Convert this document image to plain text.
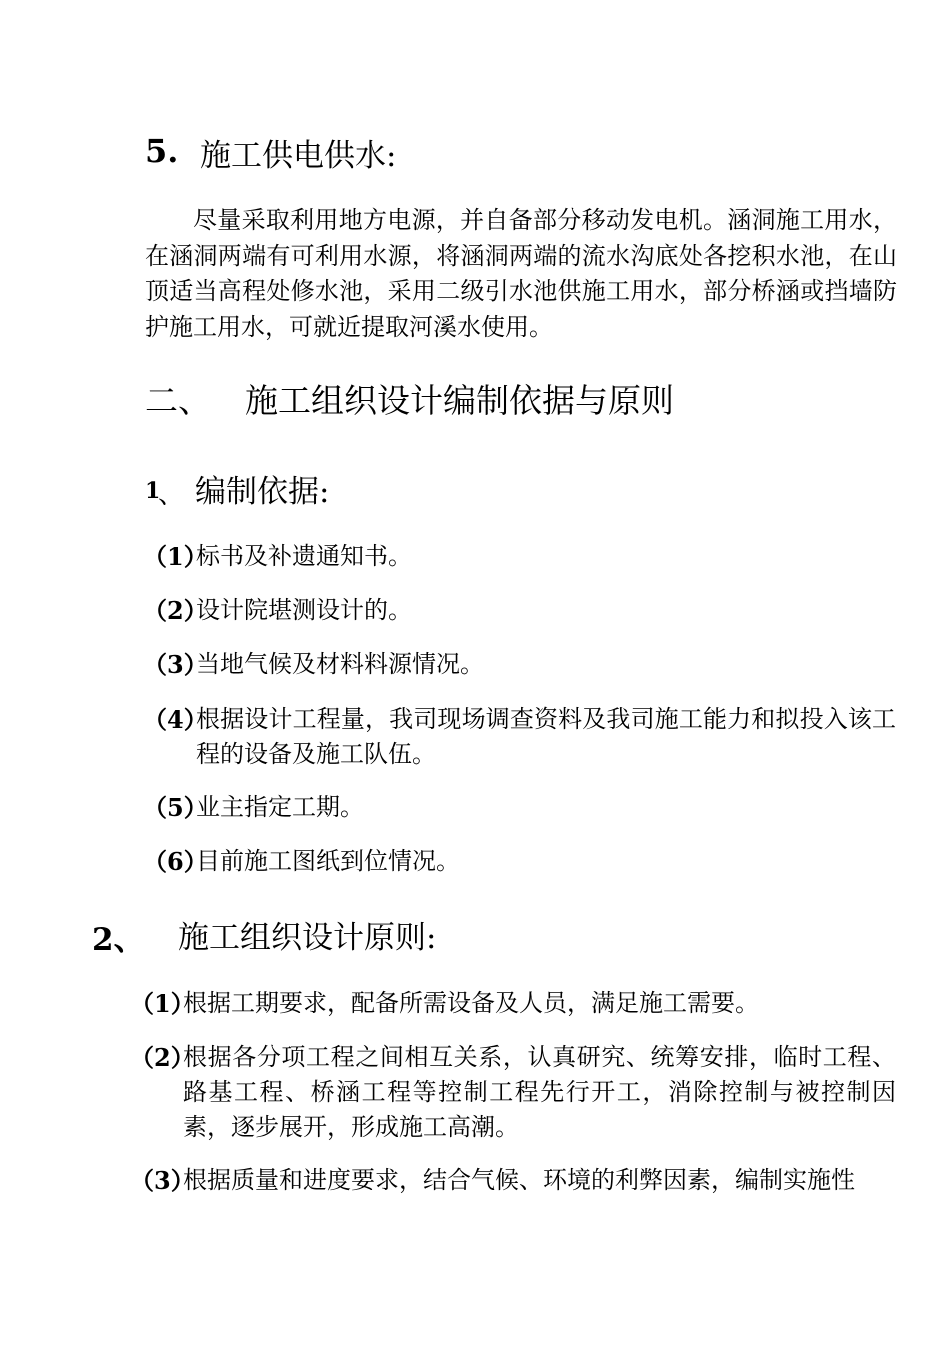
5. 施工供电供水:

尽量采取利用地方电源，并自备部分移动发电机。涵洞施工用水，在涵洞两端有可利用水源，将涵洞两端的流水沟底处各挖积水池，在山顶适当高程处修水池，采用二级引水池供施工用水，部分桥涵或挡墙防护施工用水，可就近提取河溪水使用。

二、 施工组织设计编制依据与原则
1
、 编制依据:
（1）
标书及补遗通知书。
（2）
设计院堪测设计的。
（3）
当地气候及材料料源情况。
（4）
根据设计工程量，我司现场调查资料及我司施工能力和拟投入该工程的设备及施工队伍。
（5）
业主指定工期。
（6）
目前施工图纸到位情况。
2、 施工组织设计原则:
（1）
根据工期要求，配备所需设备及人员，满足施工需要。
（2）
根据各分项工程之间相互关系，认真研究、统筹安排，临时工程、路基工程、桥涵工程等控制工程先行开工，消除控制与被控制因素，逐步展开，形成施工高潮。
（3）
根据质量和进度要求，结合气候、环境的利弊因素，编制实施性
